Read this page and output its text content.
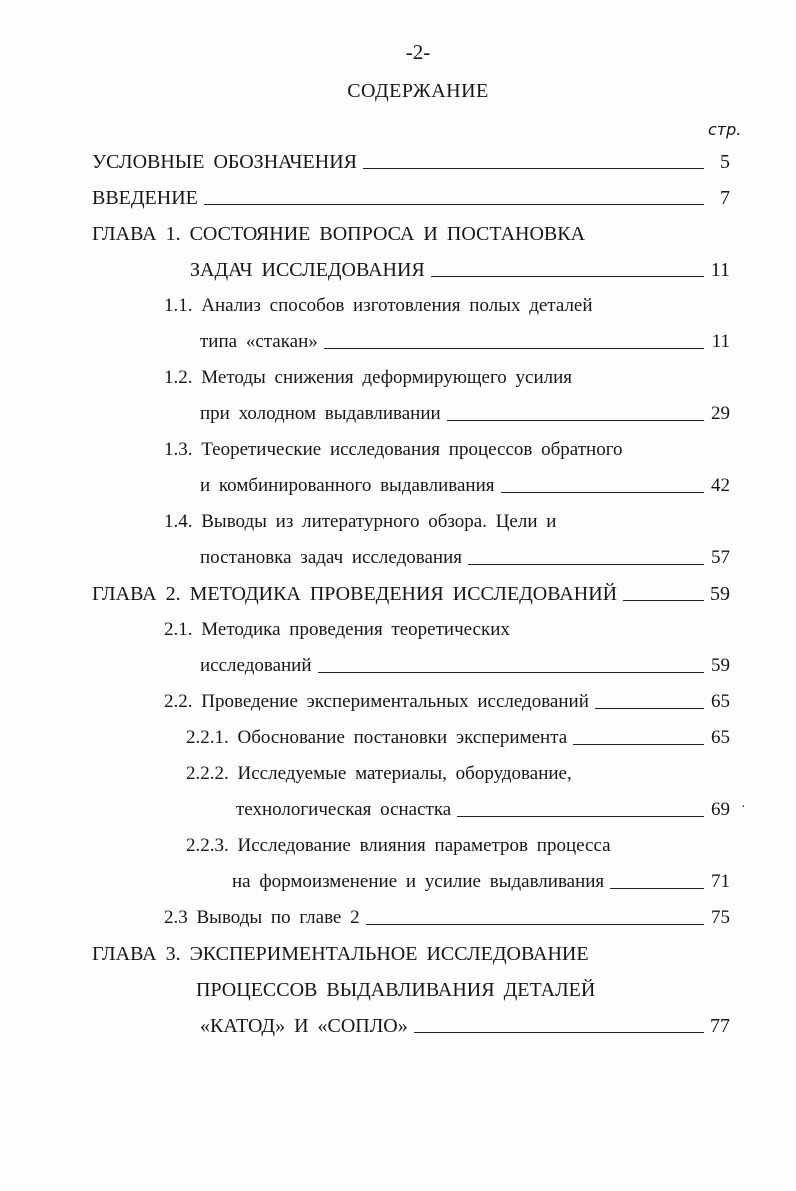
-2-
СОДЕРЖАНИЕ
стр.
УСЛОВНЫЕ ОБОЗНАЧЕНИЯ	5
ВВЕДЕНИЕ	7
ГЛАВА 1. СОСТОЯНИЕ ВОПРОСА И ПОСТАНОВКА
ЗАДАЧ ИССЛЕДОВАНИЯ	11
1.1. Анализ способов изготовления полых деталей
типа «стакан»	11
1.2. Методы снижения деформирующего усилия
при холодном выдавливании	29
1.3. Теоретические исследования процессов обратного
и комбинированного выдавливания	42
1.4. Выводы из литературного обзора. Цели и
постановка задач исследования	57
ГЛАВА 2. МЕТОДИКА ПРОВЕДЕНИЯ ИССЛЕДОВАНИЙ	59
2.1. Методика проведения теоретических
исследований	59
2.2. Проведение экспериментальных исследований	65
2.2.1. Обоснование постановки эксперимента	65
2.2.2. Исследуемые материалы, оборудование,
технологическая оснастка	69 ·
2.2.3. Исследование влияния параметров процесса
на формоизменение и усилие выдавливания	71
2.3 Выводы по главе 2	75
ГЛАВА 3. ЭКСПЕРИМЕНТАЛЬНОЕ ИССЛЕДОВАНИЕ
ПРОЦЕССОВ ВЫДАВЛИВАНИЯ ДЕТАЛЕЙ
«КАТОД» И «СОПЛО»	77
